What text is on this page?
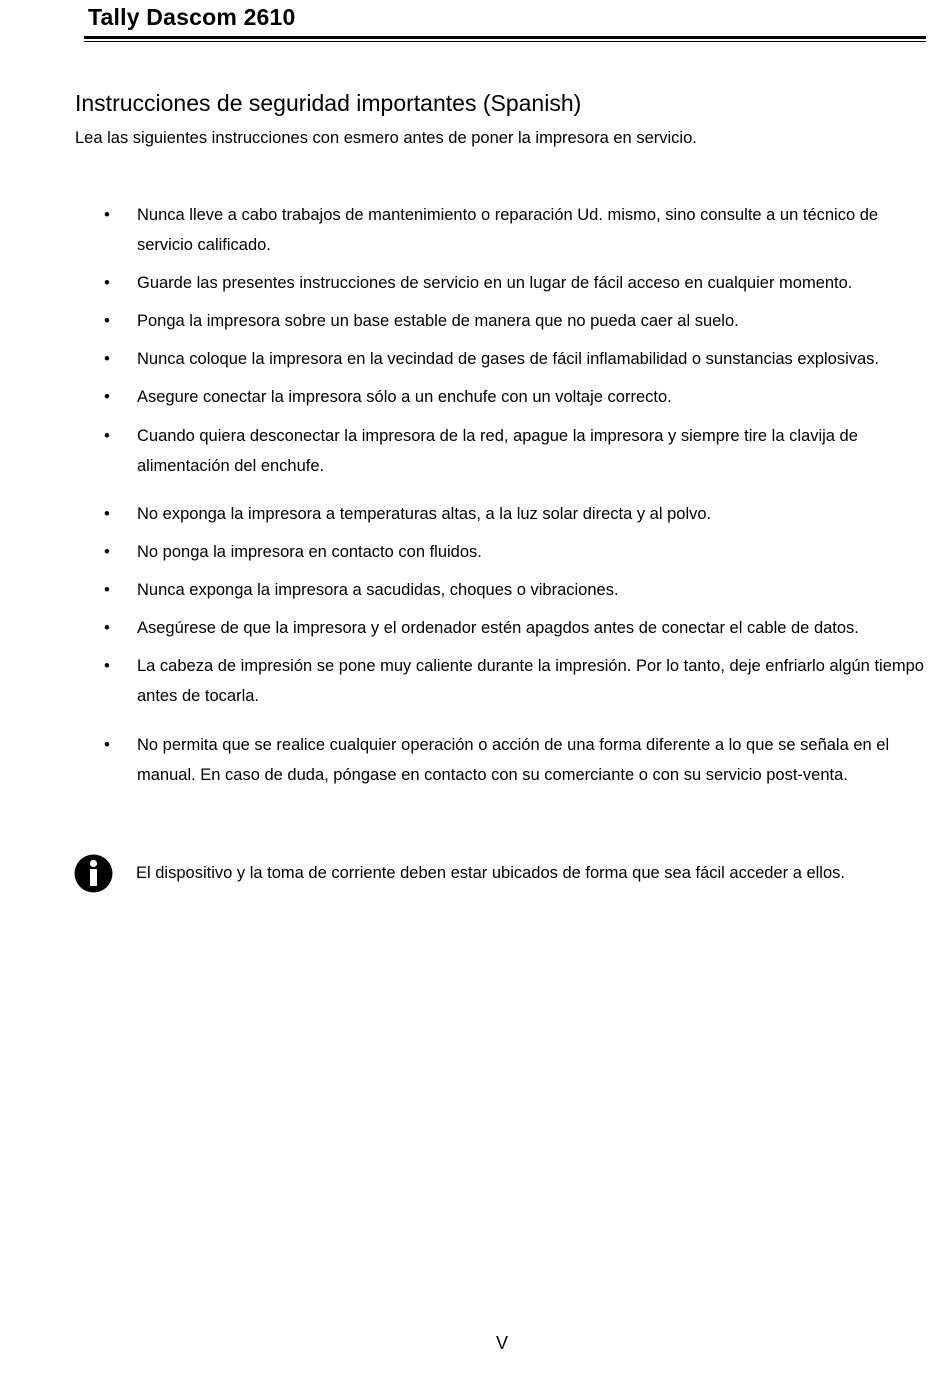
Tally Dascom 2610
Instrucciones de seguridad importantes (Spanish)

Lea las siguientes instrucciones con esmero antes de poner la impresora en servicio.

• Nunca lleve a cabo trabajos de mantenimiento o reparación Ud. mismo, sino consulte a un técnico de servicio calificado.
• Guarde las presentes instrucciones de servicio en un lugar de fácil acceso en cualquier momento.
• Ponga la impresora sobre un base estable de manera que no pueda caer al suelo.
• Nunca coloque la impresora en la vecindad de gases de fácil inflamabilidad o sunstancias explosivas.
• Asegure conectar la impresora sólo a un enchufe con un voltaje correcto.
• Cuando quiera desconectar la impresora de la red, apague la impresora y siempre tire la clavija de alimentación del enchufe.
• No exponga la impresora a temperaturas altas, a la luz solar directa y al polvo.
• No ponga la impresora en contacto con fluidos.
• Nunca exponga la impresora a sacudidas, choques o vibraciones.
• Asegúrese de que la impresora y el ordenador estén apagdos antes de conectar el cable de datos.
• La cabeza de impresión se pone muy caliente durante la impresión. Por lo tanto, deje enfriarlo algún tiempo antes de tocarla.
• No permita que se realice cualquier operación o acción de una forma diferente a lo que se señala en el manual. En caso de duda, póngase en contacto con su comerciante o con su servicio post-venta.
El dispositivo y la toma de corriente deben estar ubicados de forma que sea fácil acceder a ellos.
V
